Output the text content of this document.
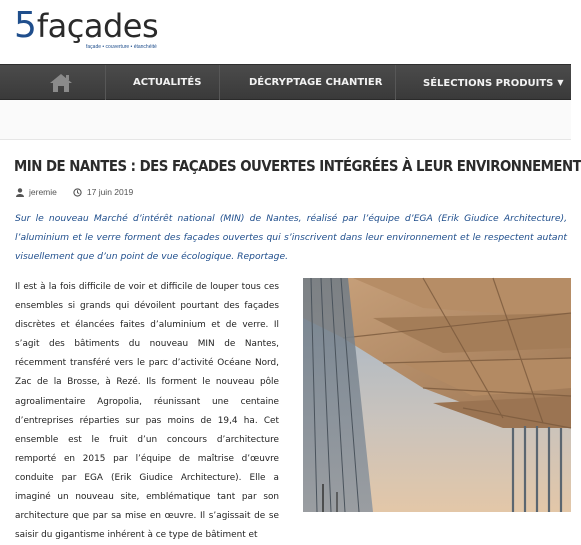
5 façades
façade • couverture • étanchéité
ACTUALITÉS	DÉCRYPTAGE CHANTIER	SÉLECTIONS PRODUITS ▼
MIN DE NANTES : DES FAÇADES OUVERTES INTÉGRÉES À LEUR ENVIRONNEMENT
jeremie	17 juin 2019

Sur le nouveau Marché d’intérêt national (MIN) de Nantes, réalisé par l’équipe d’EGA (Erik Giudice Architecture), l’aluminium et le verre forment des façades ouvertes qui s’inscrivent dans leur environnement et le respectent autant visuellement que d’un point de vue écologique. Reportage.

Il est à la fois difficile de voir et difficile de louper tous ces ensembles si grands qui dévoilent pourtant des façades discrètes et élancées faites d’aluminium et de verre. Il s’agit des bâtiments du nouveau MIN de Nantes, récemment transféré vers le parc d’activité Océane Nord, Zac de la Brosse, à Rezé. Ils forment le nouveau pôle agroalimentaire Agropolia, réunissant une centaine d’entreprises réparties sur pas moins de 19,4 ha. Cet ensemble est le fruit d’un concours d’architecture remporté en 2015 par l’équipe de maîtrise d’œuvre conduite par EGA (Erik Giudice Architecture). Elle a imaginé un nouveau site, emblématique tant par son architecture que par sa mise en œuvre. Il s’agissait de se saisir du gigantisme inhérent à ce type de bâtiment et
